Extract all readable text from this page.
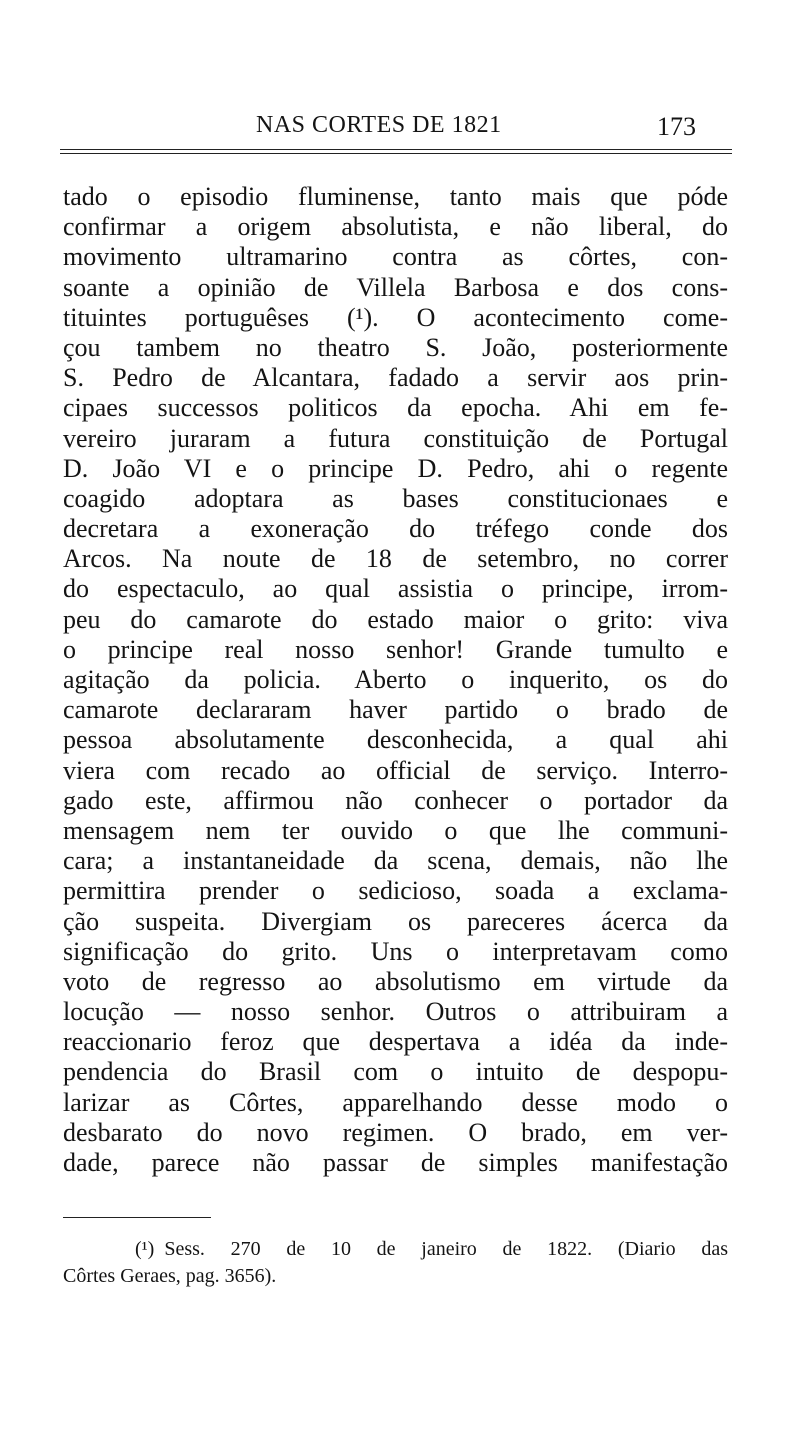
NAS CORTES DE 1821	173
tado o episodio fluminense, tanto mais que póde
confirmar a origem absolutista, e não liberal, do
movimento ultramarino contra as côrtes, con-
soante a opinião de Villela Barbosa e dos cons-
tituintes portuguêses (¹). O acontecimento come-
çou tambem no theatro S. João, posteriormente
S. Pedro de Alcantara, fadado a servir aos prin-
cipaes successos politicos da epocha. Ahi em fe-
vereiro juraram a futura constituição de Portugal
D. João VI e o principe D. Pedro, ahi o regente
coagido adoptara as bases constitucionaes e
decretara a exoneração do tréfego conde dos
Arcos. Na noute de 18 de setembro, no correr
do espectaculo, ao qual assistia o principe, irrom-
peu do camarote do estado maior o grito: viva
o principe real nosso senhor! Grande tumulto e
agitação da policia. Aberto o inquerito, os do
camarote declararam haver partido o brado de
pessoa absolutamente desconhecida, a qual ahi
viera com recado ao official de serviço. Interro-
gado este, affirmou não conhecer o portador da
mensagem nem ter ouvido o que lhe communi-
cara; a instantaneidade da scena, demais, não lhe
permittira prender o sedicioso, soada a exclama-
ção suspeita. Divergiam os pareceres ácerca da
significação do grito. Uns o interpretavam como
voto de regresso ao absolutismo em virtude da
locução — nosso senhor. Outros o attribuiram a
reaccionario feroz que despertava a idéa da inde-
pendencia do Brasil com o intuito de despopu-
larizar as Côrtes, apparelhando desse modo o
desbarato do novo regimen. O brado, em ver-
dade, parece não passar de simples manifestação
(¹) Sess. 270 de 10 de janeiro de 1822. (Diario das
Côrtes Geraes, pag. 3656).
